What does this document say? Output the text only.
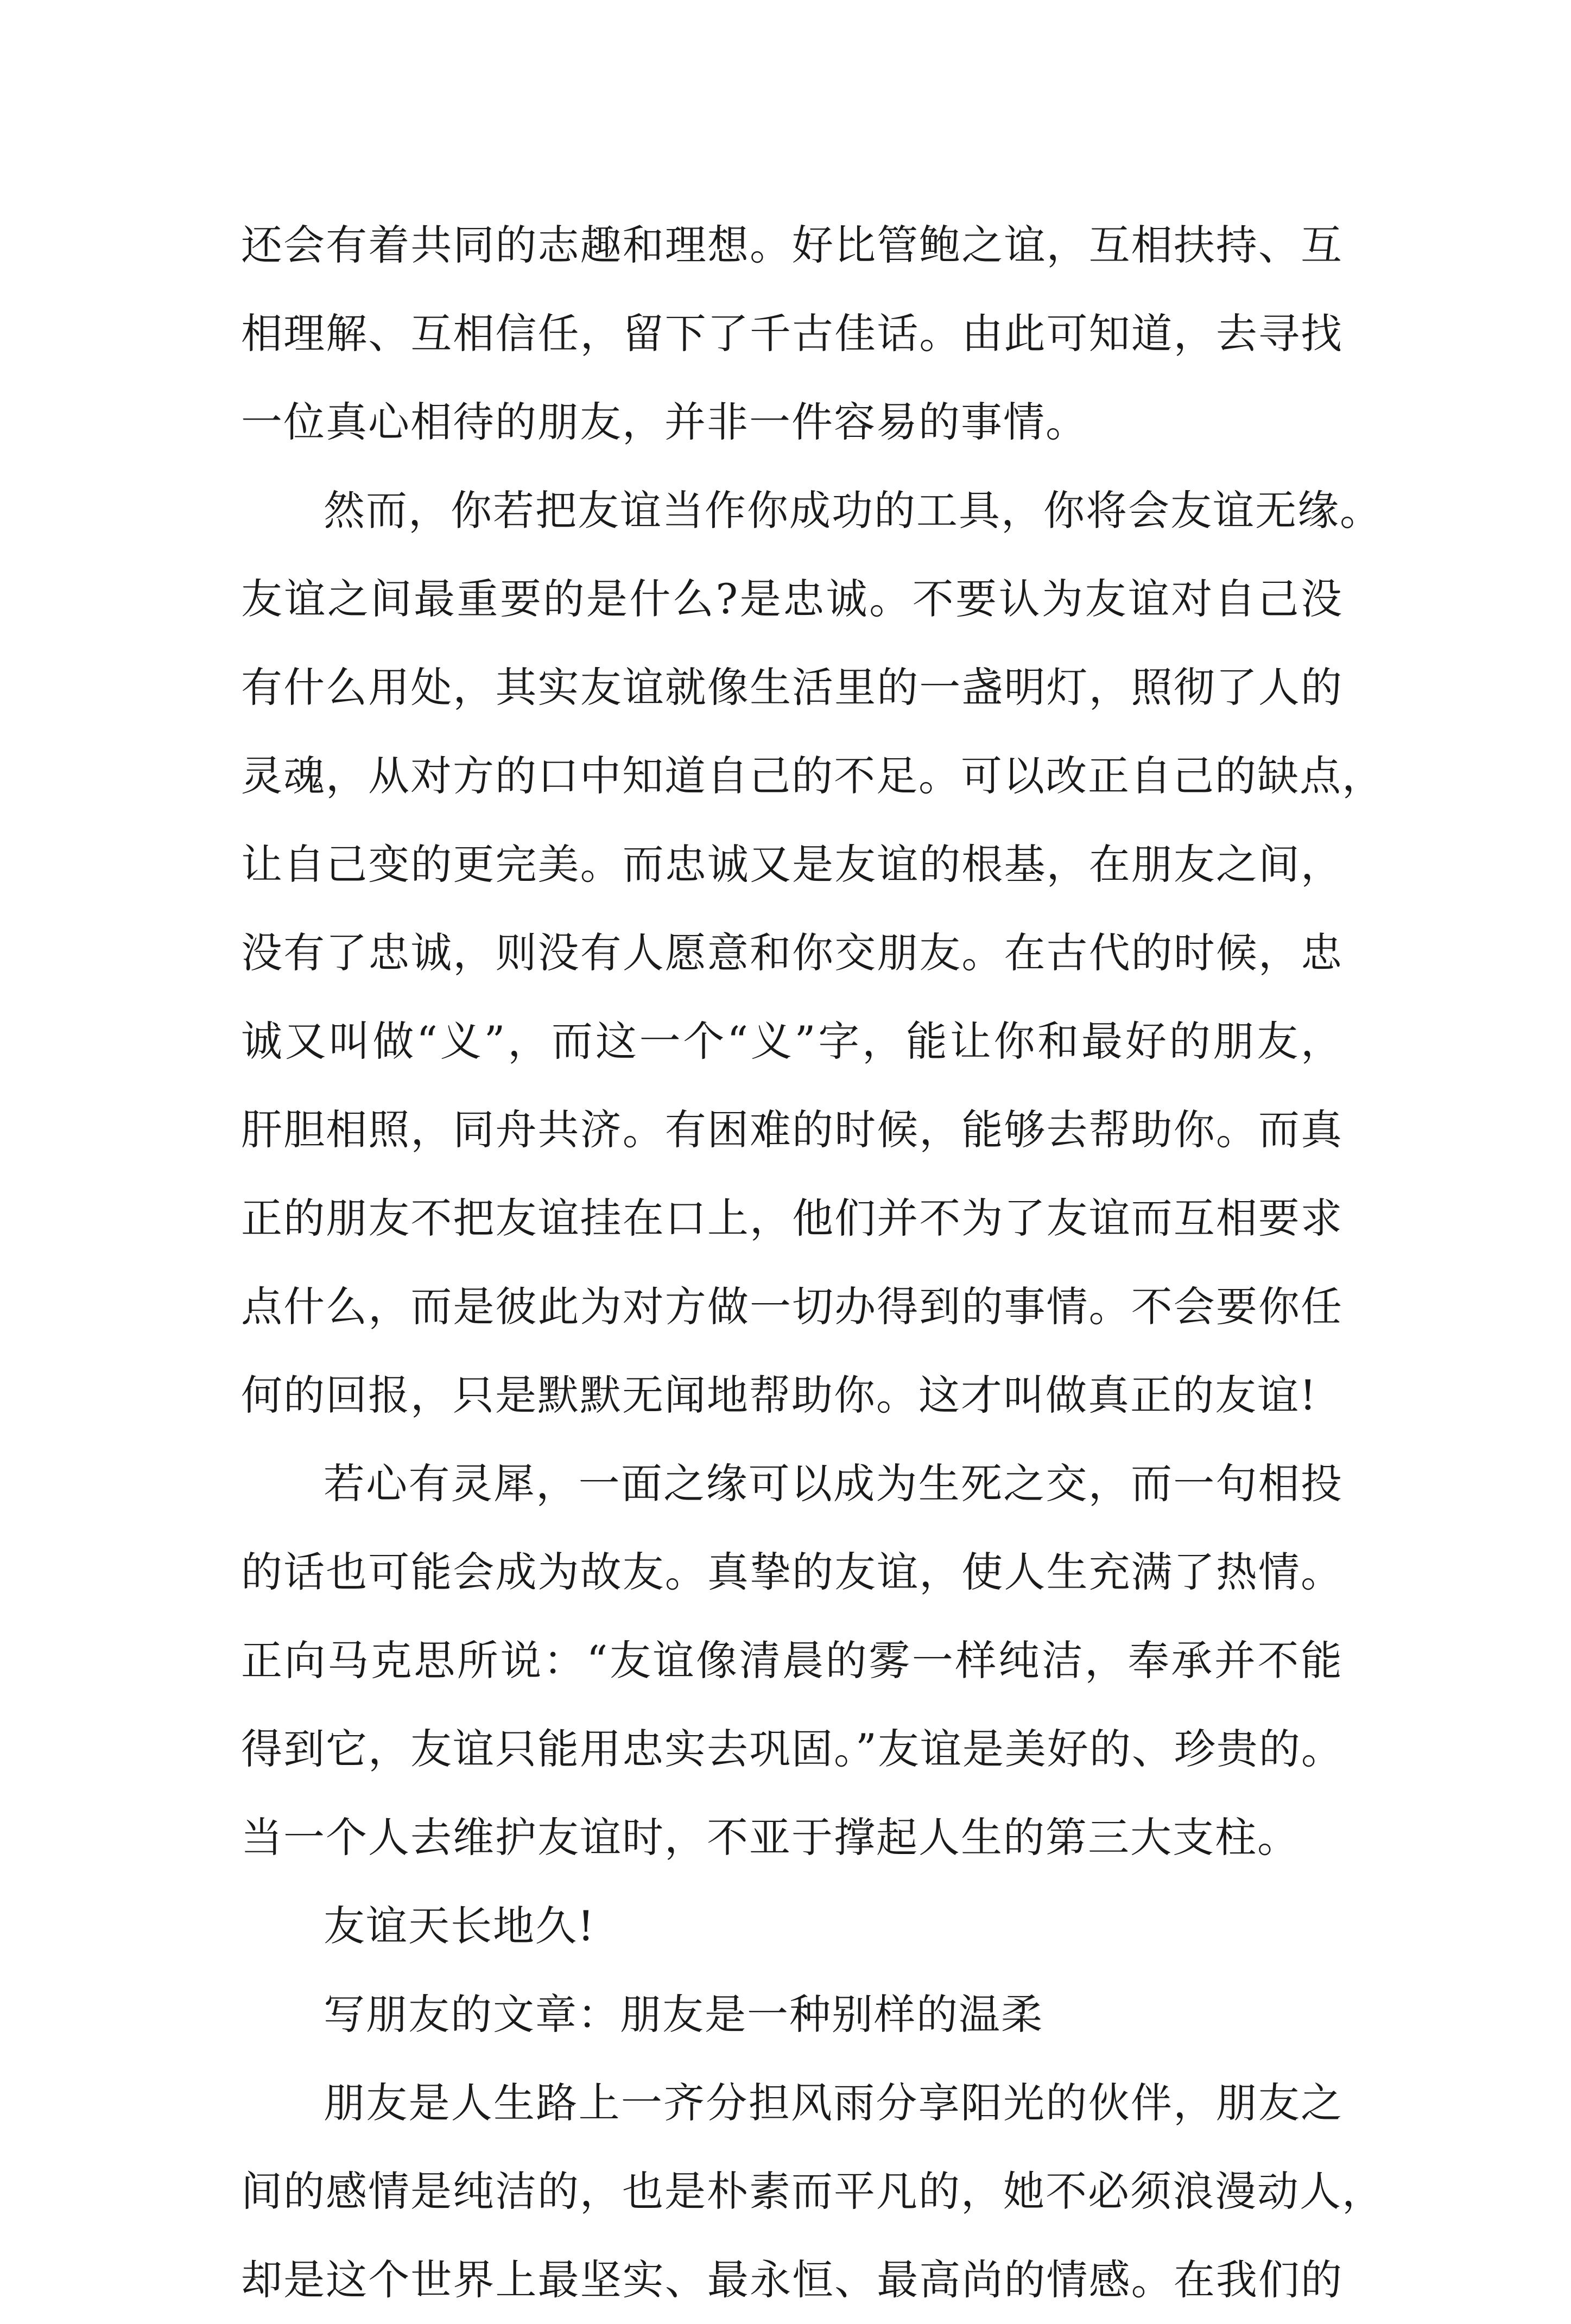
还会有着共同的志趣和理想。好比管鲍之谊，互相扶持、互
相理解、互相信任，留下了千古佳话。由此可知道，去寻找
一位真心相待的朋友，并非一件容易的事情。
然而，你若把友谊当作你成功的工具，你将会友谊无缘。
友谊之间最重要的是什么?是忠诚。不要认为友谊对自己没
有什么用处，其实友谊就像生活里的一盏明灯，照彻了人的
灵魂，从对方的口中知道自己的不足。可以改正自己的缺点，
让自己变的更完美。而忠诚又是友谊的根基，在朋友之间，
没有了忠诚，则没有人愿意和你交朋友。在古代的时候，忠
诚又叫做“义”，而这一个“义”字，能让你和最好的朋友，
肝胆相照，同舟共济。有困难的时候，能够去帮助你。而真
正的朋友不把友谊挂在口上，他们并不为了友谊而互相要求
点什么，而是彼此为对方做一切办得到的事情。不会要你任
何的回报，只是默默无闻地帮助你。这才叫做真正的友谊!
若心有灵犀，一面之缘可以成为生死之交，而一句相投
的话也可能会成为故友。真挚的友谊，使人生充满了热情。
正向马克思所说：“友谊像清晨的雾一样纯洁，奉承并不能
得到它，友谊只能用忠实去巩固。”友谊是美好的、珍贵的。
当一个人去维护友谊时，不亚于撑起人生的第三大支柱。
友谊天长地久!
写朋友的文章：朋友是一种别样的温柔
朋友是人生路上一齐分担风雨分享阳光的伙伴，朋友之
间的感情是纯洁的，也是朴素而平凡的，她不必须浪漫动人，
却是这个世界上最坚实、最永恒、最高尚的情感。在我们的
